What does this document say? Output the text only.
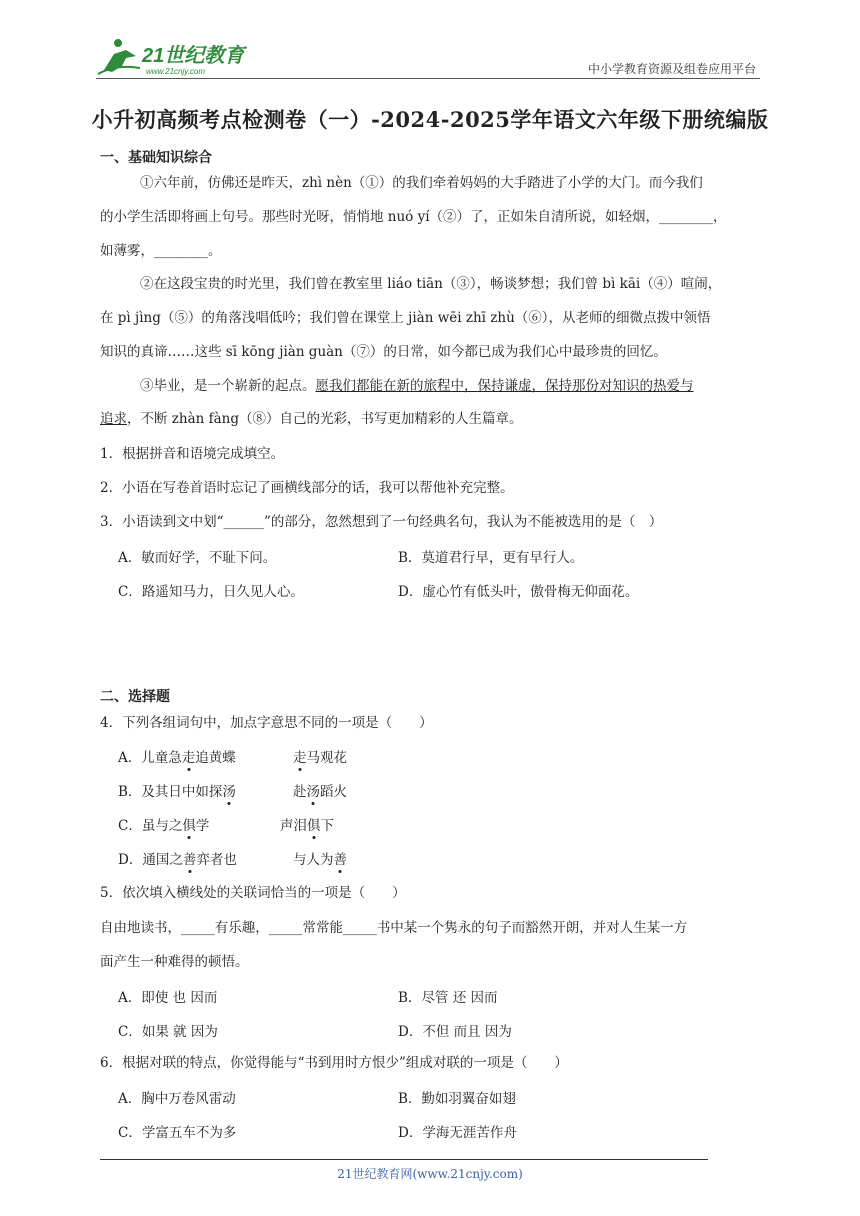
21世纪教育
www.21cnjy.com	中小学教育资源及组卷应用平台
小升初高频考点检测卷（一）-2024-2025学年语文六年级下册统编版
一、基础知识综合
①六年前，仿佛还是昨天，zhì nèn（①）的我们牵着妈妈的大手踏进了小学的大门。而今我们
的小学生活即将画上句号。那些时光呀，悄悄地 nuó yí（②）了，正如朱自清所说，如轻烟，________，
如薄雾，________。
②在这段宝贵的时光里，我们曾在教室里 liáo tiān（③），畅谈梦想；我们曾 bì kāi（④）喧闹，
在 pì jìng（⑤）的角落浅唱低吟；我们曾在课堂上 jiàn wēi zhī zhù（⑥），从老师的细微点拨中领悟
知识的真谛……这些 sī kōng jiàn guàn（⑦）的日常，如今都已成为我们心中最珍贵的回忆。
③毕业，是一个崭新的起点。愿我们都能在新的旅程中，保持谦虚，保持那份对知识的热爱与
追求，不断 zhàn fàng（⑧）自己的光彩，书写更加精彩的人生篇章。
1．根据拼音和语境完成填空。
2．小语在写卷首语时忘记了画横线部分的话，我可以帮他补充完整。
3．小语读到文中划“______”的部分，忽然想到了一句经典名句，我认为不能被选用的是（　）
A．敏而好学，不耻下问。	B．莫道君行早，更有早行人。
C．路遥知马力，日久见人心。	D．虚心竹有低头叶，傲骨梅无仰面花。
二、选择题
4．下列各组词句中，加点字意思不同的一项是（　　）
A．儿童急走追黄蝶	走马观花
B．及其日中如探汤	赴汤蹈火
C．虽与之俱学	声泪俱下
D．通国之善弈者也	与人为善
5．依次填入横线处的关联词恰当的一项是（　　）
自由地读书，_____有乐趣，_____常常能_____书中某一个隽永的句子而豁然开朗，并对人生某一方
面产生一种难得的顿悟。
A．即使 也 因而	B．尽管 还 因而
C．如果 就 因为	D．不但 而且 因为
6．根据对联的特点，你觉得能与“书到用时方恨少”组成对联的一项是（　　）
A．胸中万卷风雷动	B．勤如羽翼奋如翅
C．学富五车不为多	D．学海无涯苦作舟
21世纪教育网(www.21cnjy.com)
